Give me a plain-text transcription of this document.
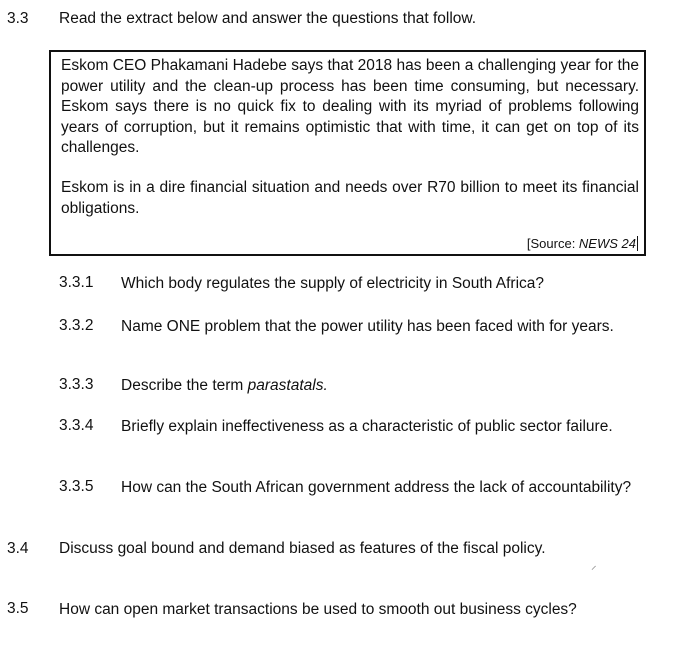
3.3 Read the extract below and answer the questions that follow.
Eskom CEO Phakamani Hadebe says that 2018 has been a challenging year for the power utility and the clean-up process has been time consuming, but necessary. Eskom says there is no quick fix to dealing with its myriad of problems following years of corruption, but it remains optimistic that with time, it can get on top of its challenges.
Eskom is in a dire financial situation and needs over R70 billion to meet its financial obligations.
[Source: NEWS 24
3.3.1 Which body regulates the supply of electricity in South Africa?
3.3.2 Name ONE problem that the power utility has been faced with for years.
3.3.3 Describe the term parastatals.
3.3.4 Briefly explain ineffectiveness as a characteristic of public sector failure.
3.3.5 How can the South African government address the lack of accountability?
3.4 Discuss goal bound and demand biased as features of the fiscal policy.
⸝
3.5 How can open market transactions be used to smooth out business cycles?
